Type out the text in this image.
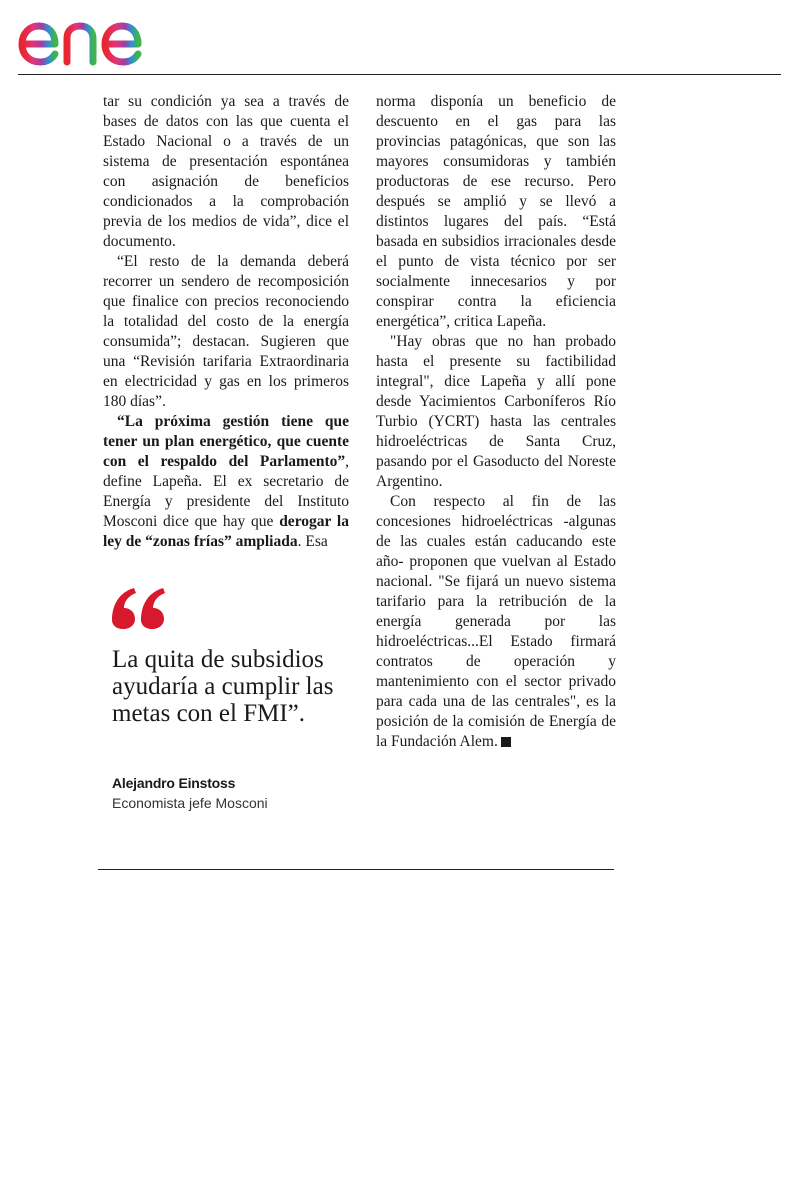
tar su condición ya sea a través de bases de datos con las que cuenta el Estado Nacional o a través de un sistema de presentación espontánea con asignación de beneficios condicionados a la comprobación previa de los medios de vida”, dice el documento.

“El resto de la demanda deberá recorrer un sendero de recomposición que finalice con precios reconociendo la totalidad del costo de la energía consumida”; destacan. Sugieren que una “Revisión tarifaria Extraordinaria en electricidad y gas en los primeros 180 días”.

“La próxima gestión tiene que tener un plan energético, que cuente con el respaldo del Parlamento”, define Lapeña. El ex secretario de Energía y presidente del Instituto Mosconi dice que hay que derogar la ley de “zonas frías” ampliada. Esa

La quita de subsidios ayudaría a cumplir las metas con el FMI”.

Alejandro Einstoss

Economista jefe Mosconi

norma disponía un beneficio de descuento en el gas para las provincias patagónicas, que son las mayores consumidoras y también productoras de ese recurso. Pero después se amplió y se llevó a distintos lugares del país. “Está basada en subsidios irracionales desde el punto de vista técnico por ser socialmente innecesarios y por conspirar contra la eficiencia energética”, critica Lapeña.

"Hay obras que no han probado hasta el presente su factibilidad integral", dice Lapeña y allí pone desde Yacimientos Carboníferos Río Turbio (YCRT) hasta las centrales hidroeléctricas de Santa Cruz, pasando por el Gasoducto del Noreste Argentino.

Con respecto al fin de las concesiones hidroeléctricas -algunas de las cuales están caducando este año- proponen que vuelvan al Estado nacional. "Se fijará un nuevo sistema tarifario para la retribución de la energía generada por las hidroeléctricas...El Estado firmará contratos de operación y mantenimiento con el sector privado para cada una de las centrales", es la posición de la comisión de Energía de la Fundación Alem.
